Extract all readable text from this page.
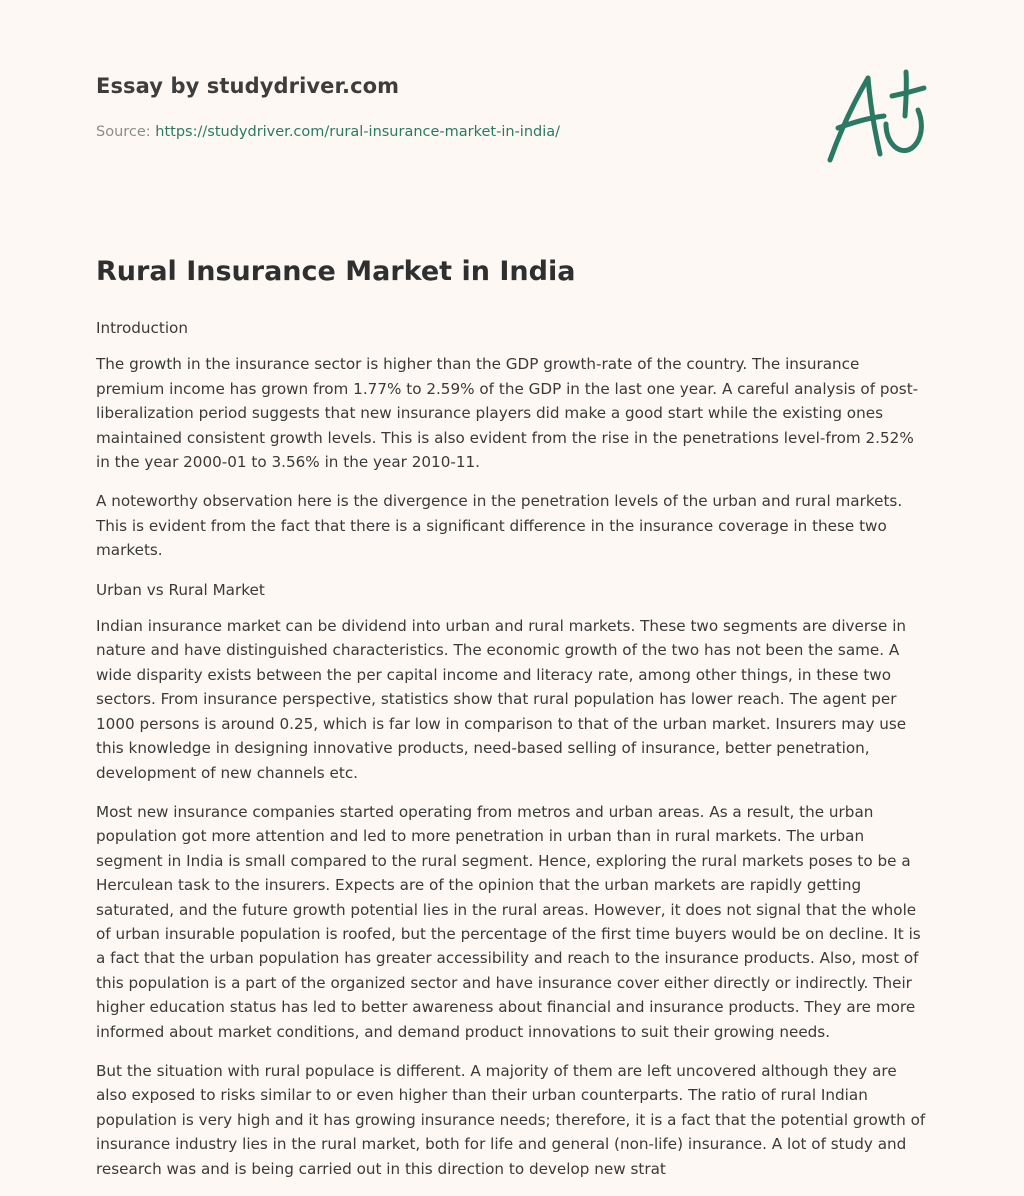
Essay by studydriver.com
Source: https://studydriver.com/rural-insurance-market-in-india/
Rural Insurance Market in India

Introduction

The growth in the insurance sector is higher than the GDP growth-rate of the country. The insurance premium income has grown from 1.77% to 2.59% of the GDP in the last one year. A careful analysis of post-liberalization period suggests that new insurance players did make a good start while the existing ones maintained consistent growth levels. This is also evident from the rise in the penetrations level-from 2.52% in the year 2000-01 to 3.56% in the year 2010-11.

A noteworthy observation here is the divergence in the penetration levels of the urban and rural markets. This is evident from the fact that there is a significant difference in the insurance coverage in these two markets.

Urban vs Rural Market

Indian insurance market can be dividend into urban and rural markets. These two segments are diverse in nature and have distinguished characteristics. The economic growth of the two has not been the same. A wide disparity exists between the per capital income and literacy rate, among other things, in these two sectors. From insurance perspective, statistics show that rural population has lower reach. The agent per 1000 persons is around 0.25, which is far low in comparison to that of the urban market. Insurers may use this knowledge in designing innovative products, need-based selling of insurance, better penetration, development of new channels etc.

Most new insurance companies started operating from metros and urban areas. As a result, the urban population got more attention and led to more penetration in urban than in rural markets. The urban segment in India is small compared to the rural segment. Hence, exploring the rural markets poses to be a Herculean task to the insurers. Expects are of the opinion that the urban markets are rapidly getting saturated, and the future growth potential lies in the rural areas. However, it does not signal that the whole of urban insurable population is roofed, but the percentage of the first time buyers would be on decline. It is a fact that the urban population has greater accessibility and reach to the insurance products. Also, most of this population is a part of the organized sector and have insurance cover either directly or indirectly. Their higher education status has led to better awareness about financial and insurance products. They are more informed about market conditions, and demand product innovations to suit their growing needs.

But the situation with rural populace is different. A majority of them are left uncovered although they are also exposed to risks similar to or even higher than their urban counterparts. The ratio of rural Indian population is very high and it has growing insurance needs; therefore, it is a fact that the potential growth of insurance industry lies in the rural market, both for life and general (non-life) insurance. A lot of study and research was and is being carried out in this direction to develop new strat
